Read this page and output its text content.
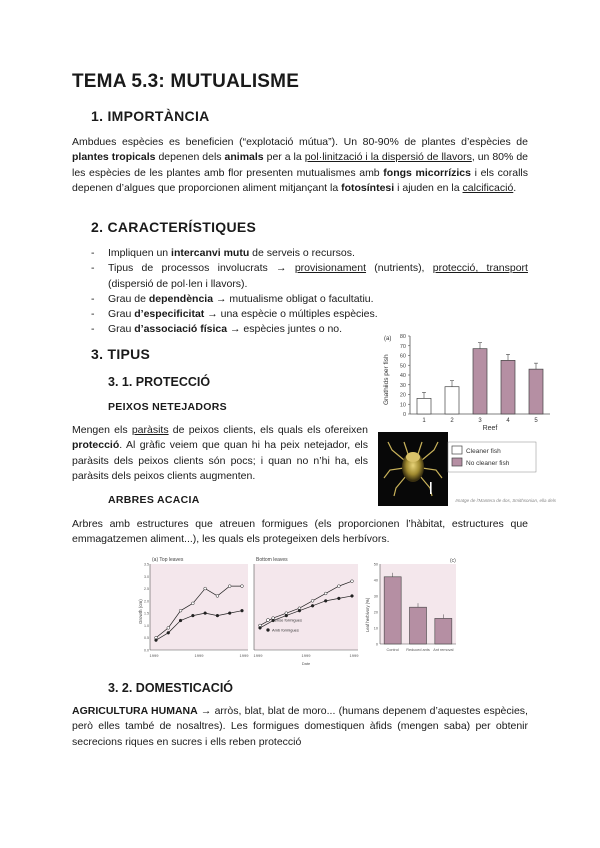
TEMA 5.3: MUTUALISME
1. IMPORTÀNCIA

Ambdues espècies es beneficien (“explotació mútua”). Un 80-90% de plantes d’espècies de plantes tropicals depenen dels animals per a la pol·linització i la dispersió de llavors, un 80% de les espècies de les plantes amb flor presenten mutualismes amb fongs micorrízics i els coralls depenen d’algues que proporcionen aliment mitjançant la fotosíntesi i ajuden en la calcificació.

2. CARACTERÍSTIQUES
- Impliquen un intercanvi mutu de serveis o recursos.
- Tipus de processos involucrats → provisionament (nutrients), protecció, transport (dispersió de pol·len i llavors).
- Grau de dependència → mutualisme obligat o facultatiu.
- Grau d’especificitat → una espècie o múltiples espècies.
- Grau d’associació física → espècies juntes o no.
3. TIPUS
3. 1. PROTECCIÓ
PEIXOS NETEJADORS

Mengen els paràsits de peixos clients, els quals els ofereixen protecció. Al gràfic veiem que quan hi ha peix netejador, els paràsits dels peixos clients són pocs; i quan no n’hi ha, els paràsits dels peixos clients augmenten.

(a)
Gnathiids per fish
0
10
20
30
40
50
60
70
80
1	2	3	4	5
Reef
Cleaner fish
No cleaner fish
Imatge de l'Mantera de dos, Smithsonian, ella dels
ARBRES ACACIA

Arbres amb estructures que atreuen formigues (els proporcionen l’hàbitat, estructures que emmagatzemen aliment...), les quals els protegeixen dels herbívors.

(a) Top leaves	Bottom leaves
Growth (cm)
0.0
0.5
1.0
1.5
2.0
2.5
3.0
3.5
1999	1999	1999 1999	1999	1999
Date
Sense formigues
Amb formigues
(c)
Leaf herbivory (%)
0
10
20
30
40
50
Control Reduced ants Ant removal
3. 2. DOMESTICACIÓ

AGRICULTURA HUMANA → arròs, blat, blat de moro... (humans depenem d’aquestes espècies, però elles també de nosaltres). Les formigues domestiquen àfids (mengen saba) per obtenir secrecions riques en sucres i ells reben protecció
